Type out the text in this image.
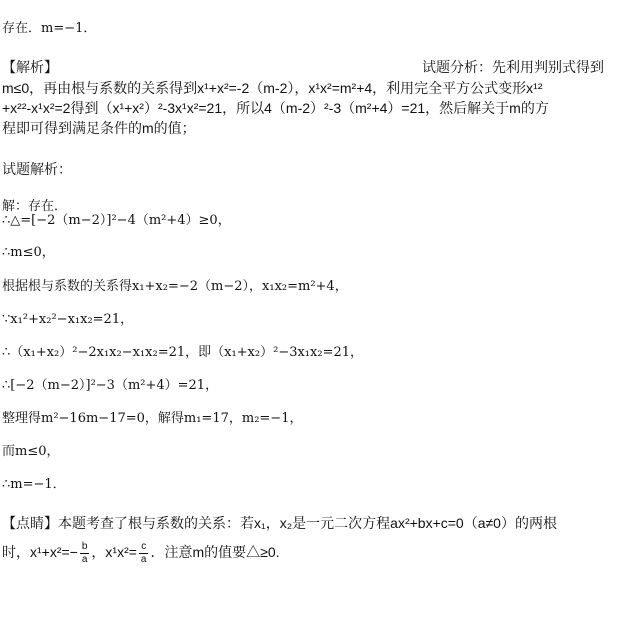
存在．m=−1．
【解析】	试题分析：先利用判别式得到
m≤0，再由根与系数的关系得到x¹+x²=-2（m-2），x¹x²=m²+4，利用完全平方公式变形x¹²
+x²²-x¹x²=2得到（x¹+x²）²-3x¹x²=21，所以4（m-2）²-3（m²+4）=21，然后解关于m的方
程即可得到满足条件的m的值；
试题解析：
解：存在．
∴△=[−2（m−2）]²−4（m²+4）≥0，
∴m≤0，
根据根与系数的关系得x₁+x₂=−2（m−2），x₁x₂=m²+4，
∵x₁²+x₂²−x₁x₂=21，
∴（x₁+x₂）²−2x₁x₂−x₁x₂=21，即（x₁+x₂）²−3x₁x₂=21，
∴[−2（m−2）]²−3（m²+4）=21，
整理得m²−16m−17=0，解得m₁=17，m₂=−1，
而m≤0，
∴m=−1．
【点睛】本题考查了根与系数的关系：若x₁，x₂是一元二次方程ax²+bx+c=0（a≠0）的两根
时，$x^1+x^2=- \frac{b}{a}$ ，$x^1x^2= \frac{c}{a}$ ．注意m的值要△≥0.
